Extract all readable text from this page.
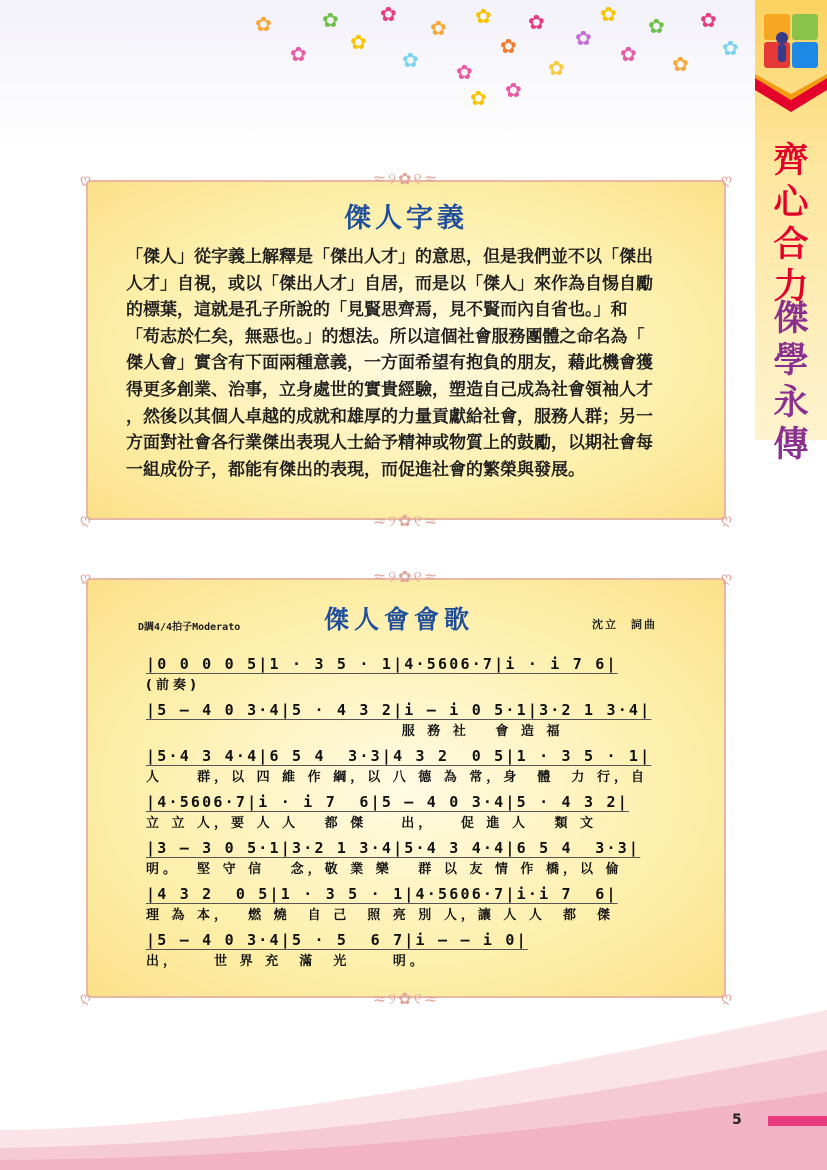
✿
✿
✿
✿
✿
✿
✿
✿
✿
✿
✿
✿
✿
✿
✿
✿
✿
✿
✿
✿ ✿
齊
心
合
力
傑
學
永
傳
≈୨✿୧≈
≈୨✿୧≈
ღ	ღ
ღ	ღ
傑人字義

「傑人」從字義上解釋是「傑出人才」的意思，但是我們並不以「傑出
人才」自視，或以「傑出人才」自居，而是以「傑人」來作為自惕自勵
的標葉，這就是孔子所說的「見賢思齊焉，見不賢而內自省也。」和
「苟志於仁矣，無惡也。」的想法。所以這個社會服務團體之命名為「
傑人會」實含有下面兩種意義，一方面希望有抱負的朋友，藉此機會獲
得更多創業、治事，立身處世的實貴經驗，塑造自己成為社會領袖人才
，然後以其個人卓越的成就和雄厚的力量貢獻給社會，服務人群；另一
方面對社會各行業傑出表現人士給予精神或物質上的鼓勵，以期社會每
一組成份子，都能有傑出的表現，而促進社會的繁榮與發展。

≈୨✿୧≈
≈୨✿୧≈
ღ	ღ
ღ	ღ
D調4/4拍子Moderato	傑人會會歌	沈立　詞曲
|0 0 0 0 5|1 · 3 5 · 1|4·5606·7|i · i 7 6|
(前奏)
|5 — 4 0 3·4|5 · 4 3 2|i — i 0 5·1|3·2 1 3·4|
服 務 社   會 造 福
|5·4 3 4·4|6 5 4  3·3|4 3 2  0 5|1 · 3 5 · 1|
人    群，以 四 維 作 綱，以 八 德 為 常，身  體  力 行，自
|4·5606·7|i · i 7  6|5 — 4 0 3·4|5 · 4 3 2|
立 立 人，要 人 人   都 傑    出，   促 進 人   類 文
|3 — 3 0 5·1|3·2 1 3·4|5·4 3 4·4|6 5 4  3·3|
明。  堅 守 信   念，敬 業 樂   群 以 友 情 作 橋，以 倫
|4 3 2  0 5|1 · 3 5 · 1|4·5606·7|i·i 7  6|
理 為 本，  燃 燒  自 己  照 亮 別 人，讓 人 人  都  傑
|5 — 4 0 3·4|5 · 5  6 7|i — — i 0|
出，    世 界 充  滿  光     明。
5
